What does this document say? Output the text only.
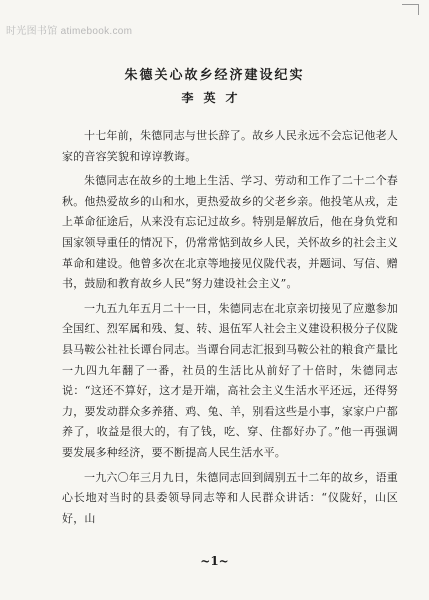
时光图书馆 atimebook.com
朱德关心故乡经济建设纪实
李英才

十七年前，朱德同志与世长辞了。故乡人民永远不会忘记他老人家的音容笑貌和谆谆教诲。

朱德同志在故乡的土地上生活、学习、劳动和工作了二十二个春秋。他热爱故乡的山和水，更热爱故乡的父老乡亲。他投笔从戎，走上革命征途后，从来没有忘记过故乡。特别是解放后，他在身负党和国家领导重任的情况下，仍常常惦到故乡人民，关怀故乡的社会主义革命和建设。他曾多次在北京等地接见仪陇代表，并题词、写信、赠书，鼓励和教育故乡人民“努力建设社会主义”。

一九五九年五月二十一日，朱德同志在北京亲切接见了应邀参加全国红、烈军属和残、复、转、退伍军人社会主义建设积极分子仪陇县马鞍公社社长谭台同志。当谭台同志汇报到马鞍公社的粮食产量比一九四九年翻了一番，社员的生活比从前好了十倍时，朱德同志说：“这还不算好，这才是开端，高社会主义生活水平还远，还得努力，要发动群众多养猪、鸡、兔、羊，别看这些是小事，家家户户都养了，收益是很大的，有了钱，吃、穿、住都好办了。”他一再强调要发展多种经济，要不断提高人民生活水平。

一九六〇年三月九日，朱德同志回到阔别五十二年的故乡，语重心长地对当时的县委领导同志等和人民群众讲话：“仪陇好，山区好，山

~1~
